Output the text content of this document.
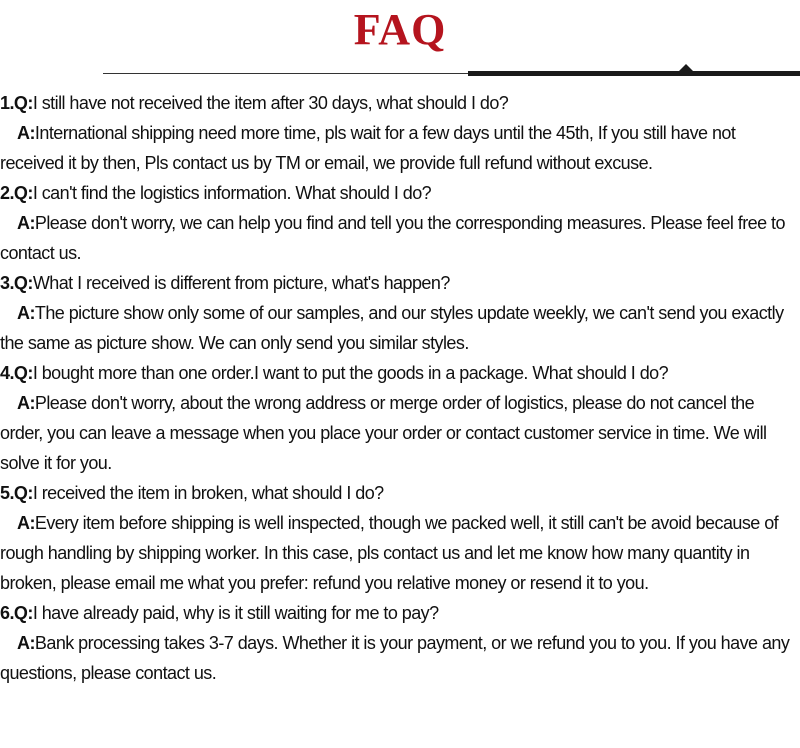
FAQ
1.Q:I still have not received the item after 30 days, what should I do?

A:International shipping need more time, pls wait for a few days until the 45th, If you still have not received it by then, Pls contact us by TM or email, we provide full refund without excuse.

2.Q:I can't find the logistics information. What should I do?

A:Please don't worry, we can help you find and tell you the corresponding measures. Please feel free to contact us.

3.Q:What I received is different from picture, what's happen?

A:The picture show only some of our samples, and our styles update weekly, we can't send you exactly the same as picture show. We can only send you similar styles.

4.Q:I bought more than one order.I want to put the goods in a package. What should I do?

A:Please don't worry, about the wrong address or merge order of logistics, please do not cancel the order, you can leave a message when you place your order or contact customer service in time. We will solve it for you.

5.Q:I received the item in broken, what should I do?

A:Every item before shipping is well inspected, though we packed well, it still can't be avoid because of rough handling by shipping worker. In this case, pls contact us and let me know how many quantity in broken, please email me what you prefer: refund you relative money or resend it to you.

6.Q:I have already paid, why is it still waiting for me to pay?

A:Bank processing takes 3-7 days. Whether it is your payment, or we refund you to you. If you have any questions, please contact us.
